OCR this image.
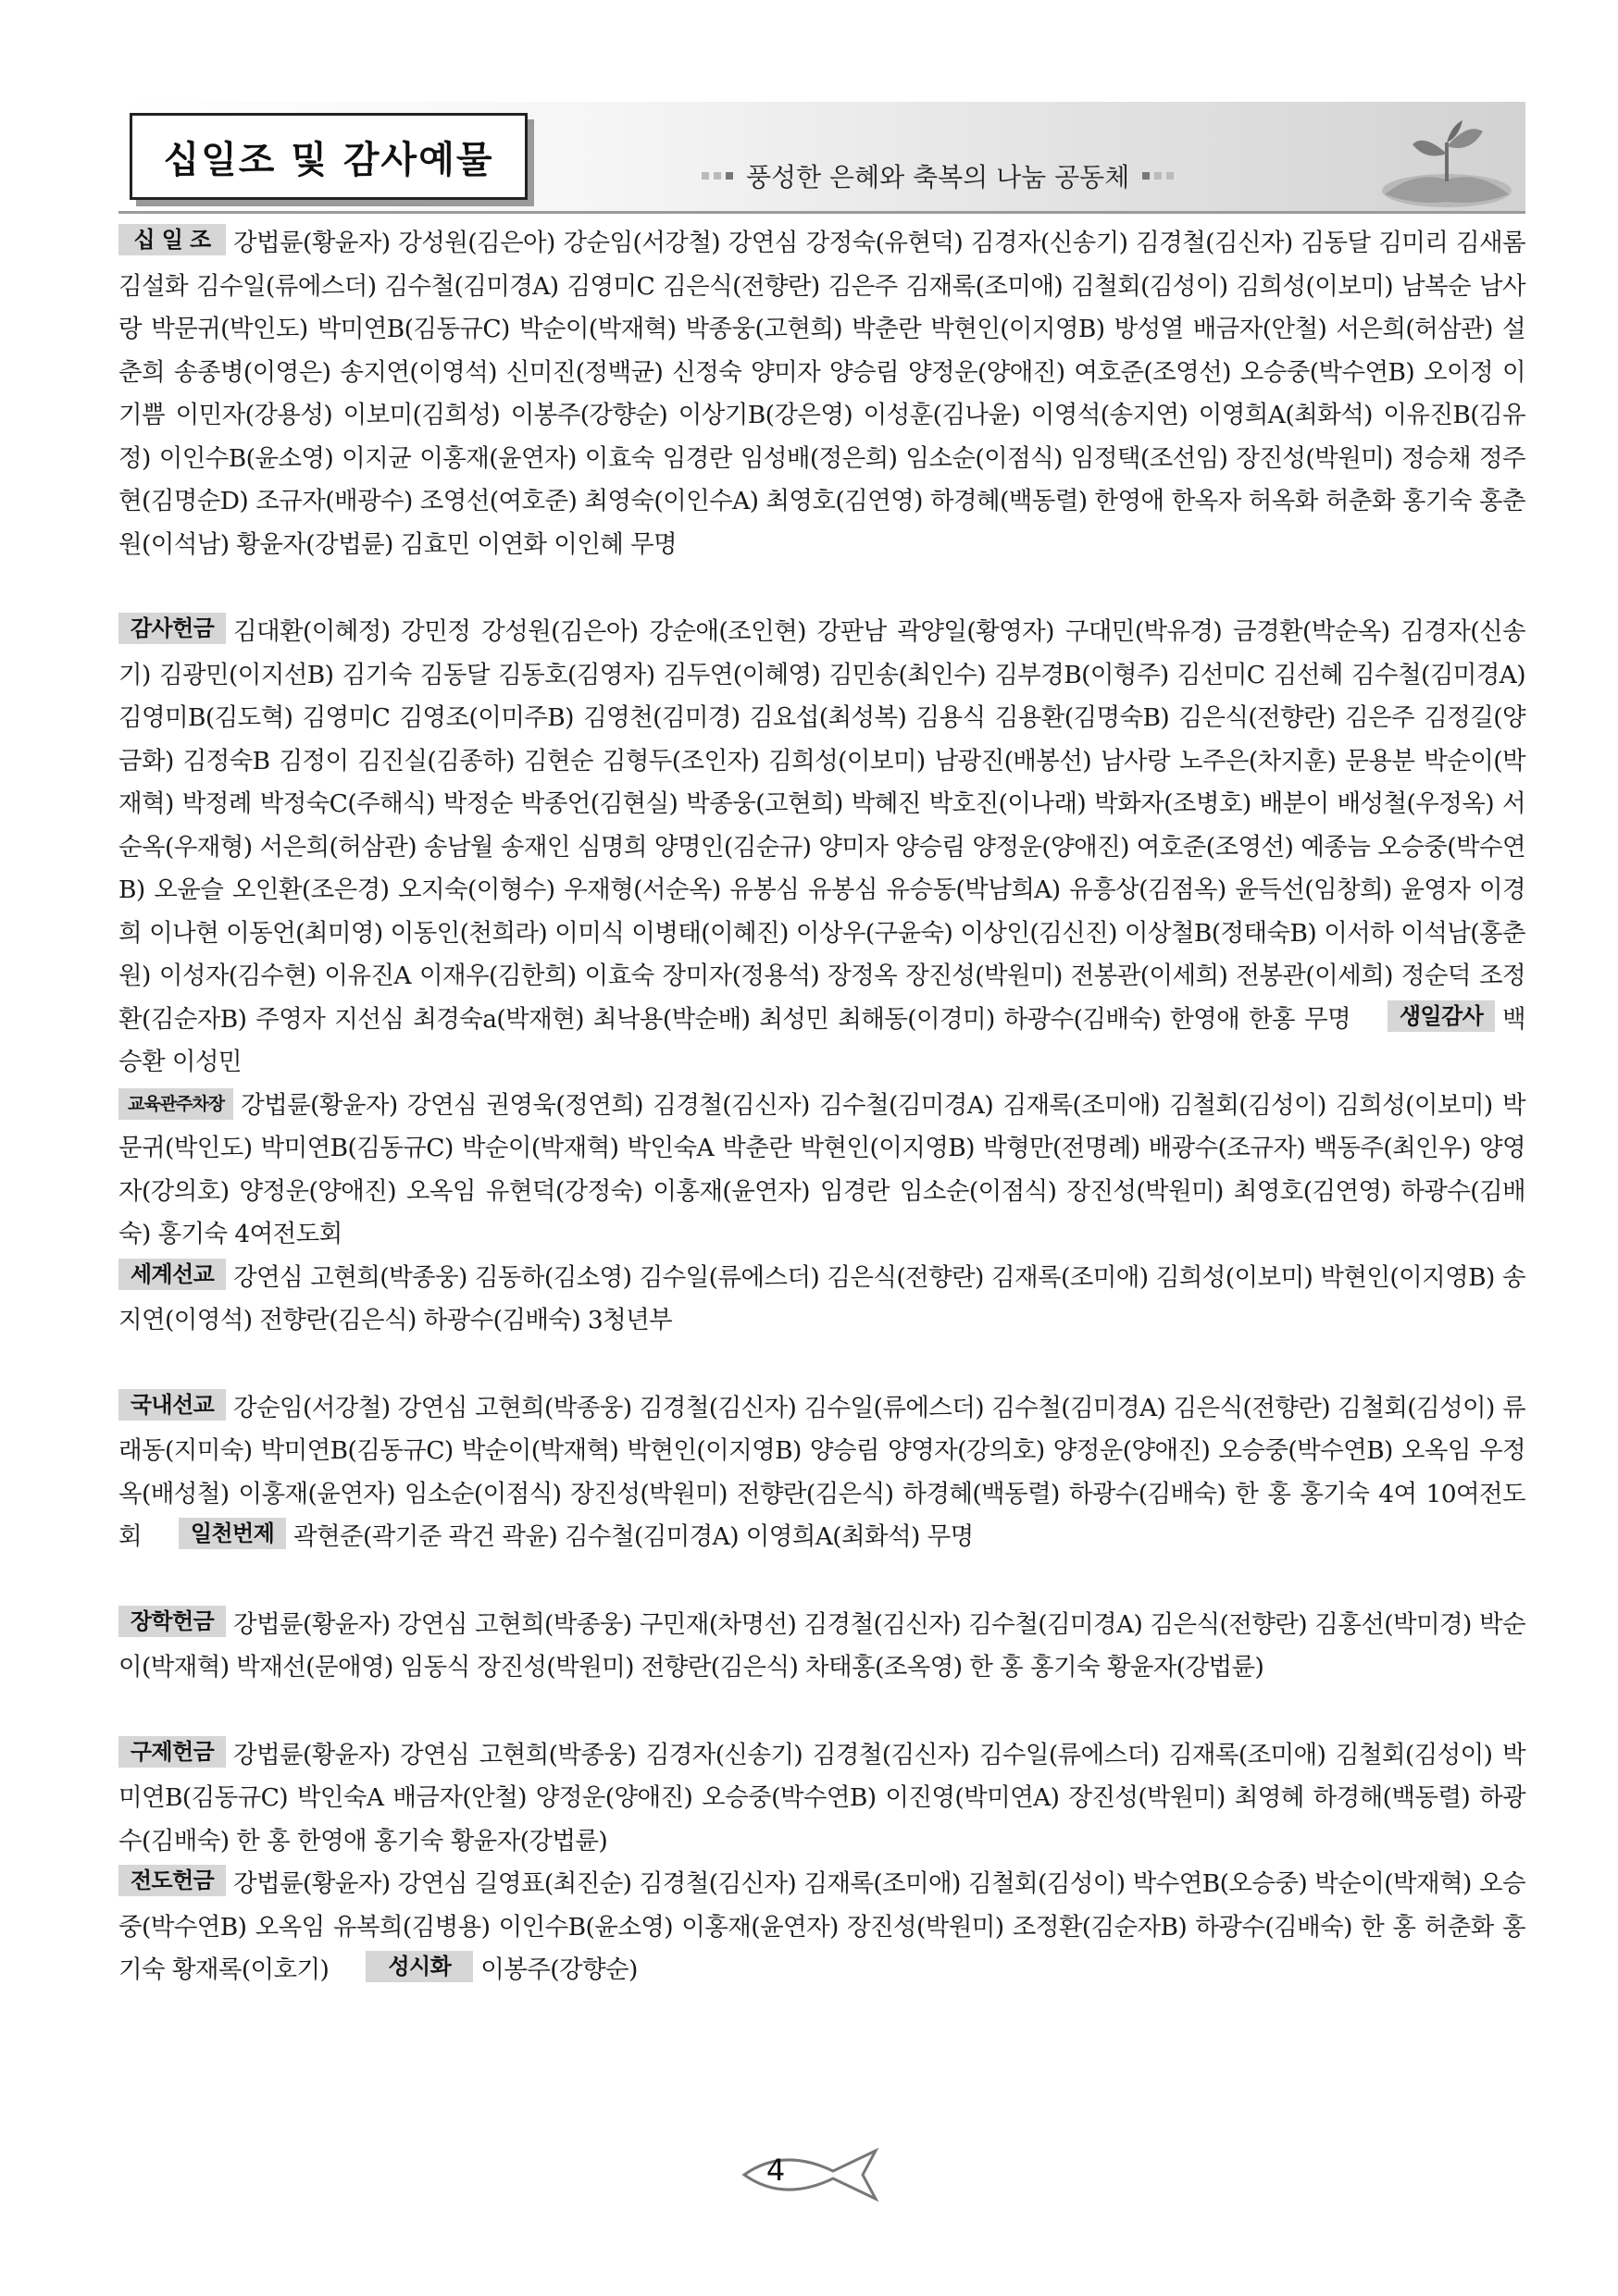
십일조 및 감사예물	풍성한 은혜와 축복의 나눔 공동체

십 일 조 강법륜(황윤자) 강성원(김은아) 강순임(서강철) 강연심 강정숙(유현덕) 김경자(신송기) 김경철(김신자) 김동달 김미리 김새롬 김설화 김수일(류에스더) 김수철(김미경A) 김영미C 김은식(전향란) 김은주 김재록(조미애) 김철회(김성이) 김희성(이보미) 남복순 남사랑 박문귀(박인도) 박미연B(김동규C) 박순이(박재혁) 박종웅(고현희) 박춘란 박현인(이지영B) 방성열 배금자(안철) 서은희(허삼관) 설춘희 송종병(이영은) 송지연(이영석) 신미진(정백균) 신정숙 양미자 양승림 양정운(양애진) 여호준(조영선) 오승중(박수연B) 오이정 이기쁨 이민자(강용성) 이보미(김희성) 이봉주(강향순) 이상기B(강은영) 이성훈(김나윤) 이영석(송지연) 이영희A(최화석) 이유진B(김유정) 이인수B(윤소영) 이지균 이홍재(윤연자) 이효숙 임경란 임성배(정은희) 임소순(이점식) 임정택(조선임) 장진성(박원미) 정승채 정주현(김명순D) 조규자(배광수) 조영선(여호준) 최영숙(이인수A) 최영호(김연영) 하경혜(백동렬) 한영애 한옥자 허옥화 허춘화 홍기숙 홍춘원(이석남) 황윤자(강법륜) 김효민 이연화 이인혜 무명

감사헌금 김대환(이혜정) 강민정 강성원(김은아) 강순애(조인현) 강판남 곽양일(황영자) 구대민(박유경) 금경환(박순옥) 김경자(신송기) 김광민(이지선B) 김기숙 김동달 김동호(김영자) 김두연(이혜영) 김민송(최인수) 김부경B(이형주) 김선미C 김선혜 김수철(김미경A) 김영미B(김도혁) 김영미C 김영조(이미주B) 김영천(김미경) 김요섭(최성복) 김용식 김용환(김명숙B) 김은식(전향란) 김은주 김정길(양금화) 김정숙B 김정이 김진실(김종하) 김현순 김형두(조인자) 김희성(이보미) 남광진(배봉선) 남사랑 노주은(차지훈) 문용분 박순이(박재혁) 박정례 박정숙C(주해식) 박정순 박종언(김현실) 박종웅(고현희) 박혜진 박호진(이나래) 박화자(조병호) 배분이 배성철(우정옥) 서순옥(우재형) 서은희(허삼관) 송남월 송재인 심명희 양명인(김순규) 양미자 양승림 양정운(양애진) 여호준(조영선) 예종늠 오승중(박수연B) 오윤슬 오인환(조은경) 오지숙(이형수) 우재형(서순옥) 유봉심 유봉심 유승동(박남희A) 유흥상(김점옥) 윤득선(임창희) 윤영자 이경희 이나현 이동언(최미영) 이동인(천희라) 이미식 이병태(이혜진) 이상우(구윤숙) 이상인(김신진) 이상철B(정태숙B) 이서하 이석남(홍춘원) 이성자(김수현) 이유진A 이재우(김한희) 이효숙 장미자(정용석) 장정옥 장진성(박원미) 전봉관(이세희) 전봉관(이세희) 정순덕 조정환(김순자B) 주영자 지선심 최경숙a(박재현) 최낙용(박순배) 최성민 최해동(이경미) 하광수(김배숙) 한영애 한홍 무명 생일감사 백승환 이성민

교육관주차장 강법륜(황윤자) 강연심 권영욱(정연희) 김경철(김신자) 김수철(김미경A) 김재록(조미애) 김철회(김성이) 김희성(이보미) 박문귀(박인도) 박미연B(김동규C) 박순이(박재혁) 박인숙A 박춘란 박현인(이지영B) 박형만(전명례) 배광수(조규자) 백동주(최인우) 양영자(강의호) 양정운(양애진) 오옥임 유현덕(강정숙) 이홍재(윤연자) 임경란 임소순(이점식) 장진성(박원미) 최영호(김연영) 하광수(김배숙) 홍기숙 4여전도회

세계선교 강연심 고현희(박종웅) 김동하(김소영) 김수일(류에스더) 김은식(전향란) 김재록(조미애) 김희성(이보미) 박현인(이지영B) 송지연(이영석) 전향란(김은식) 하광수(김배숙) 3청년부

국내선교 강순임(서강철) 강연심 고현희(박종웅) 김경철(김신자) 김수일(류에스더) 김수철(김미경A) 김은식(전향란) 김철회(김성이) 류래동(지미숙) 박미연B(김동규C) 박순이(박재혁) 박현인(이지영B) 양승림 양영자(강의호) 양정운(양애진) 오승중(박수연B) 오옥임 우정옥(배성철) 이홍재(윤연자) 임소순(이점식) 장진성(박원미) 전향란(김은식) 하경혜(백동렬) 하광수(김배숙) 한 홍 홍기숙 4여 10여전도회 일천번제 곽현준(곽기준 곽건 곽윤) 김수철(김미경A) 이영희A(최화석) 무명

장학헌금 강법륜(황윤자) 강연심 고현희(박종웅) 구민재(차명선) 김경철(김신자) 김수철(김미경A) 김은식(전향란) 김홍선(박미경) 박순이(박재혁) 박재선(문애영) 임동식 장진성(박원미) 전향란(김은식) 차태홍(조옥영) 한 홍 홍기숙 황윤자(강법륜)

구제헌금 강법륜(황윤자) 강연심 고현희(박종웅) 김경자(신송기) 김경철(김신자) 김수일(류에스더) 김재록(조미애) 김철회(김성이) 박미연B(김동규C) 박인숙A 배금자(안철) 양정운(양애진) 오승중(박수연B) 이진영(박미연A) 장진성(박원미) 최영혜 하경해(백동렬) 하광수(김배숙) 한 홍 한영애 홍기숙 황윤자(강법륜)

전도헌금 강법륜(황윤자) 강연심 길영표(최진순) 김경철(김신자) 김재록(조미애) 김철회(김성이) 박수연B(오승중) 박순이(박재혁) 오승중(박수연B) 오옥임 유복희(김병용) 이인수B(윤소영) 이홍재(윤연자) 장진성(박원미) 조정환(김순자B) 하광수(김배숙) 한 홍 허춘화 홍기숙 황재록(이호기)	성시화 이봉주(강향순)

4
